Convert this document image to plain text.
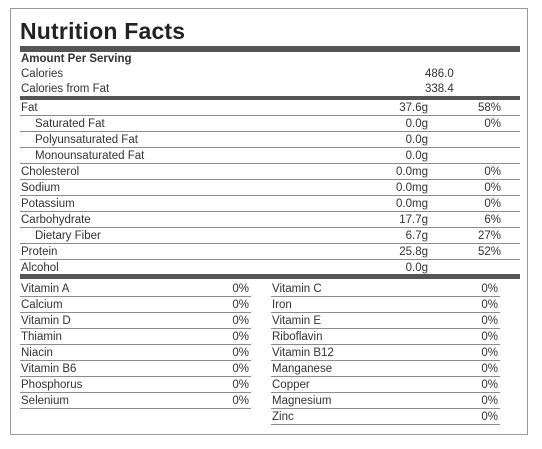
Nutrition Facts
Amount Per Serving
Calories	486.0
Calories from Fat	338.4
Fat	37.6g	58%
Saturated Fat	0.0g	0%
Polyunsaturated Fat	0.0g
Monounsaturated Fat	0.0g
Cholesterol	0.0mg	0%
Sodium	0.0mg	0%
Potassium	0.0mg	0%
Carbohydrate	17.7g	6%
Dietary Fiber	6.7g	27%
Protein	25.8g	52%
Alcohol	0.0g
Vitamin A	0%
Calcium	0%
Vitamin D	0%
Thiamin	0%
Niacin	0%
Vitamin B6	0%
Phosphorus	0%
Selenium	0%
Vitamin C	0%
Iron	0%
Vitamin E	0%
Riboflavin	0%
Vitamin B12	0%
Manganese	0%
Copper	0%
Magnesium	0%
Zinc	0%
